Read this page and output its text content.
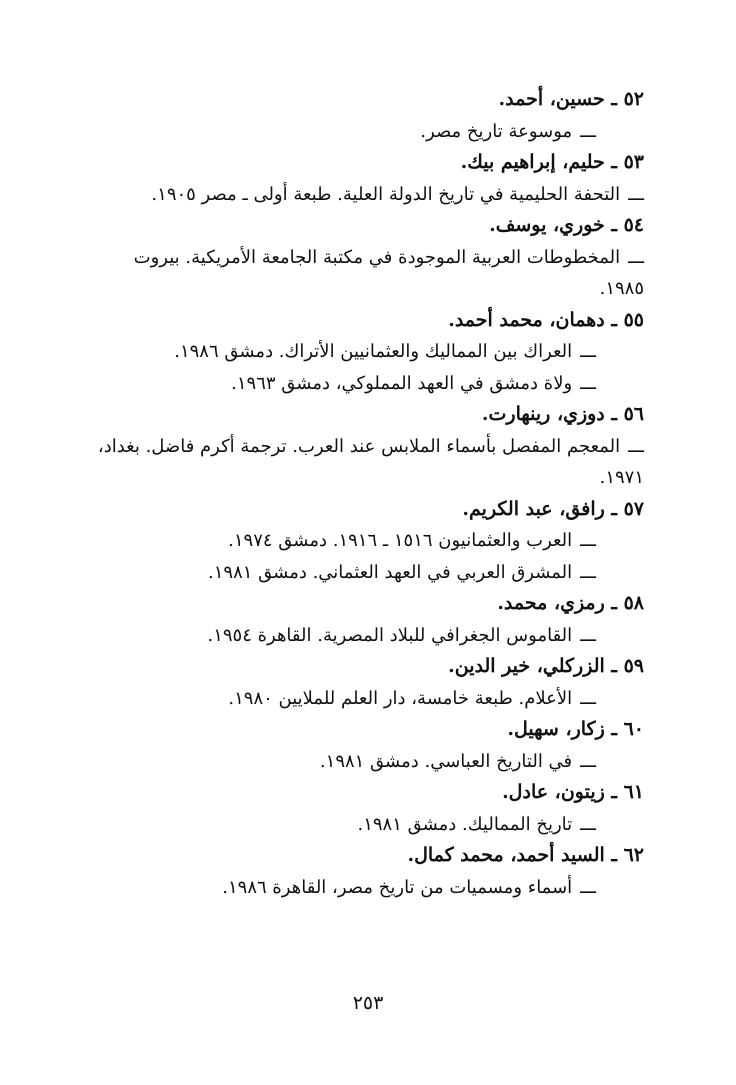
٥٢ ـ حسين، أحمد.
ـــموسوعة تاريخ مصر.
٥٣ ـ حليم، إبراهيم بيك.
ـــالتحفة الحليمية في تاريخ الدولة العلية. طبعة أولى ـ مصر ١٩٠٥.
٥٤ ـ خوري، يوسف.
ـــالمخطوطات العربية الموجودة في مكتبة الجامعة الأمريكية. بيروت ١٩٨٥.
٥٥ ـ دهمان، محمد أحمد.
ـــالعراك بين المماليك والعثمانيين الأتراك. دمشق ١٩٨٦.
ـــولاة دمشق في العهد المملوكي، دمشق ١٩٦٣.
٥٦ ـ دوزي، رينهارت.
ـــالمعجم المفصل بأسماء الملابس عند العرب. ترجمة أكرم فاضل. بغداد، ١٩٧١.
٥٧ ـ رافق، عبد الكريم.
ـــالعرب والعثمانيون ١٥١٦ ـ ١٩١٦. دمشق ١٩٧٤.
ـــالمشرق العربي في العهد العثماني. دمشق ١٩٨١.
٥٨ ـ رمزي، محمد.
ـــالقاموس الجغرافي للبلاد المصرية. القاهرة ١٩٥٤.
٥٩ ـ الزركلي، خير الدين.
ـــالأعلام. طبعة خامسة، دار العلم للملايين ١٩٨٠.
٦٠ ـ زكار، سهيل.
ـــفي التاريخ العباسي. دمشق ١٩٨١.
٦١ ـ زيتون، عادل.
ـــتاريخ المماليك. دمشق ١٩٨١.
٦٢ ـ السيد أحمد، محمد كمال.
ـــأسماء ومسميات من تاريخ مصر، القاهرة ١٩٨٦.
٢٥٣
